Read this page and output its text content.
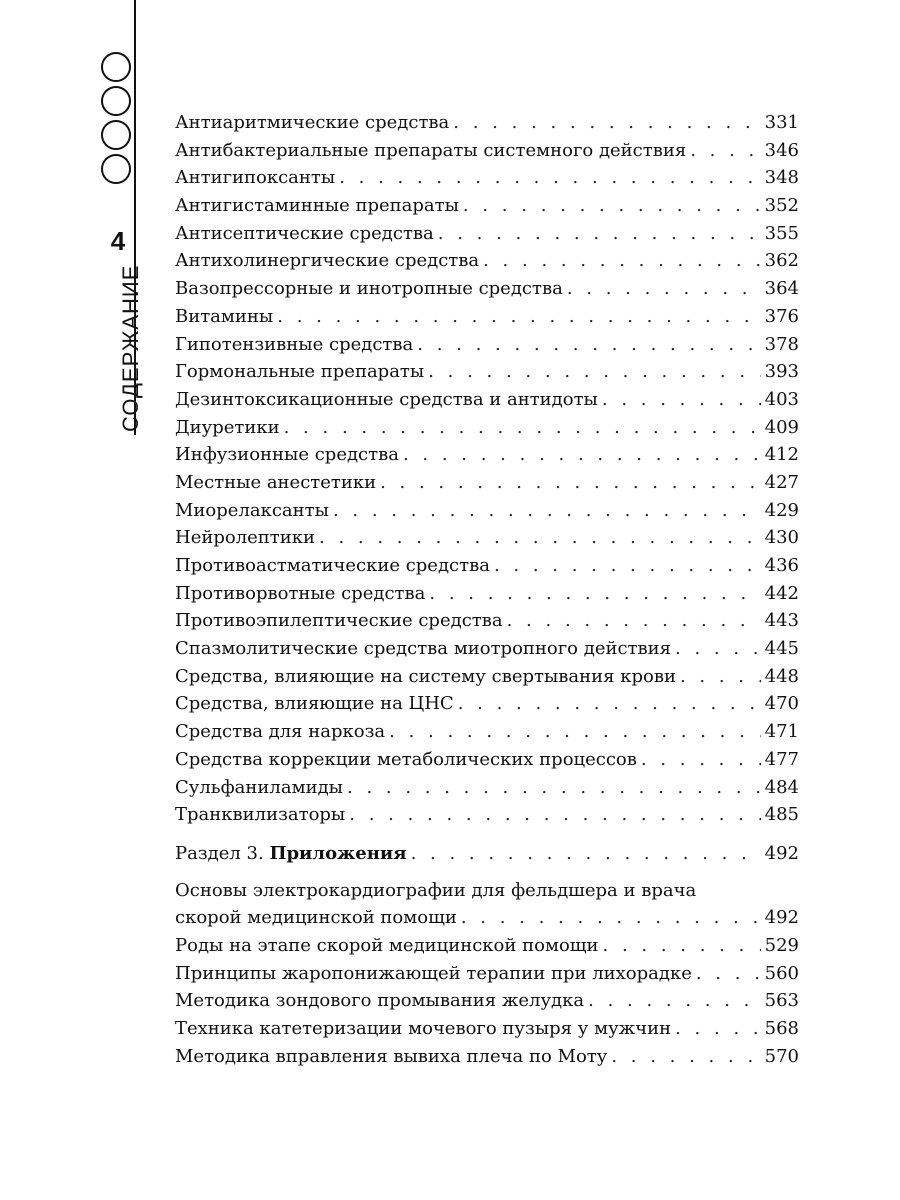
4
СОДЕРЖАНИЕ
Антиаритмические средства . . .	331
Антибактериальные препараты системного действия . . .	346
Антигипоксанты . . .	348
Антигистаминные препараты . . .	352
Антисептические средства . . .	355
Антихолинергические средства . . .	362
Вазопрессорные и инотропные средства . . .	364
Витамины . . .	376
Гипотензивные средства . . .	378
Гормональные препараты . . .	393
Дезинтоксикационные средства и антидоты . . .	403
Диуретики . . .	409
Инфузионные средства . . .	412
Местные анестетики . . .	427
Миорелаксанты . . .	429
Нейролептики . . .	430
Противоастматические средства . . .	436
Противорвотные средства . . .	442
Противоэпилептические средства . . .	443
Спазмолитические средства миотропного действия . . .	445
Средства, влияющие на систему свертывания крови . . .	448
Средства, влияющие на ЦНС . . .	470
Средства для наркоза . . .	471
Средства коррекции метаболических процессов . . .	477
Сульфаниламиды . . .	484
Транквилизаторы . . .	485
Раздел 3. Приложения . . .	492
Основы электрокардиографии для фельдшера и врача
скорой медицинской помощи . . .	492
Роды на этапе скорой медицинской помощи . . .	529
Принципы жаропонижающей терапии при лихорадке . . .	560
Методика зондового промывания желудка . . .	563
Техника катетеризации мочевого пузыря у мужчин . . .	568
Методика вправления вывиха плеча по Моту . . .	570
